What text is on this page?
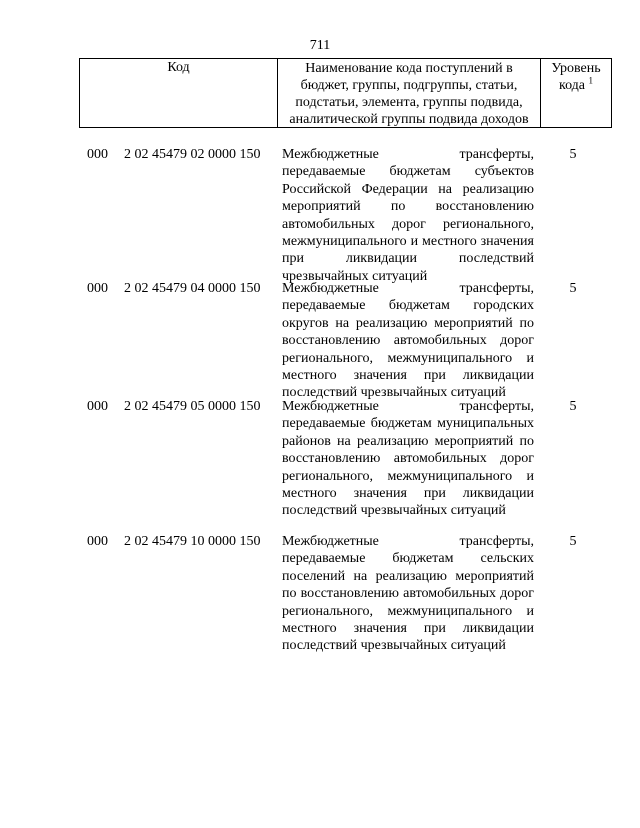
711
Код	Наименование кода поступлений в бюджет, группы, подгруппы, статьи, подстатьи, элемента, группы подвида, аналитической группы подвида доходов
Уровень кода $^1$
000 2 02 45479 02 0000 150 Межбюджетные трансферты, передаваемые бюджетам субъектов Российской Федерации на реализацию мероприятий по восстановлению автомобильных дорог регионального, межмуниципального и местного значения при ликвидации последствий чрезвычайных ситуаций
5
000 2 02 45479 04 0000 150 Межбюджетные трансферты, передаваемые бюджетам городских округов на реализацию мероприятий по восстановлению автомобильных дорог регионального, межмуниципального и местного значения при ликвидации последствий чрезвычайных ситуаций
5
000 2 02 45479 05 0000 150 Межбюджетные трансферты, передаваемые бюджетам муниципальных районов на реализацию мероприятий по восстановлению автомобильных дорог регионального, межмуниципального и местного значения при ликвидации последствий чрезвычайных ситуаций
5
000 2 02 45479 10 0000 150 Межбюджетные трансферты, передаваемые бюджетам сельских поселений на реализацию мероприятий по восстановлению автомобильных дорог регионального, межмуниципального и местного значения при ликвидации последствий чрезвычайных ситуаций
5
